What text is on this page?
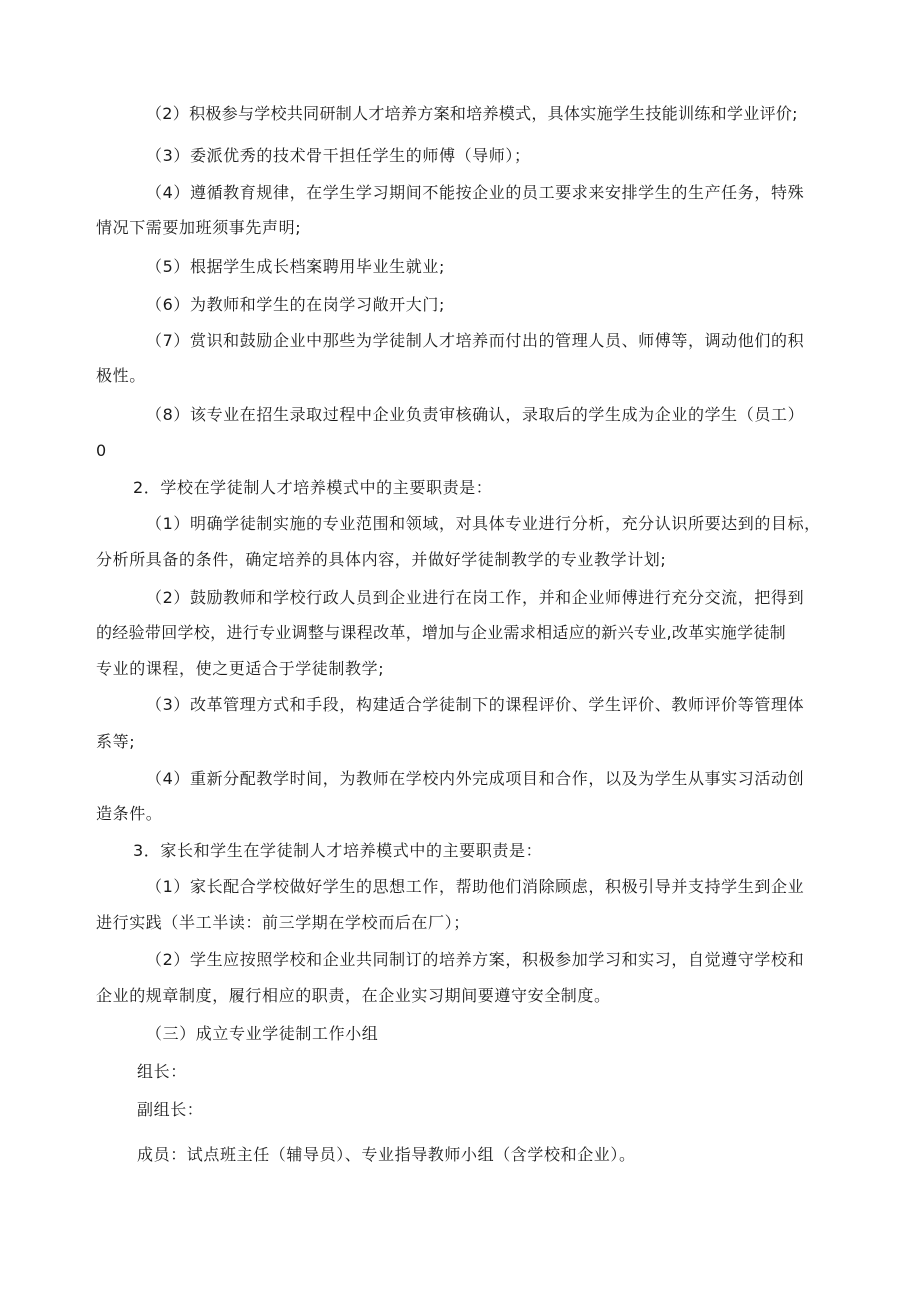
（2）积极参与学校共同研制人才培养方案和培养模式，具体实施学生技能训练和学业评价;
（3）委派优秀的技术骨干担任学生的师傅（导师）；
（4）遵循教育规律，在学生学习期间不能按企业的员工要求来安排学生的生产任务，特殊
情况下需要加班须事先声明;
（5）根据学生成长档案聘用毕业生就业;
（6）为教师和学生的在岗学习敞开大门;
（7）赏识和鼓励企业中那些为学徒制人才培养而付出的管理人员、师傅等，调动他们的积
极性。
（8）该专业在招生录取过程中企业负责审核确认，录取后的学生成为企业的学生（员工）
0
2．学校在学徒制人才培养模式中的主要职责是：
（1）明确学徒制实施的专业范围和领域，对具体专业进行分析，充分认识所要达到的目标，
分析所具备的条件，确定培养的具体内容，并做好学徒制教学的专业教学计划;
（2）鼓励教师和学校行政人员到企业进行在岗工作，并和企业师傅进行充分交流，把得到
的经验带回学校，进行专业调整与课程改革，增加与企业需求相适应的新兴专业,改革实施学徒制
专业的课程，使之更适合于学徒制教学;
（3）改革管理方式和手段，构建适合学徒制下的课程评价、学生评价、教师评价等管理体
系等;
（4）重新分配教学时间，为教师在学校内外完成项目和合作，以及为学生从事实习活动创
造条件。
3．家长和学生在学徒制人才培养模式中的主要职责是：
（1）家长配合学校做好学生的思想工作，帮助他们消除顾虑，积极引导并支持学生到企业
进行实践（半工半读：前三学期在学校而后在厂）；
（2）学生应按照学校和企业共同制订的培养方案，积极参加学习和实习，自觉遵守学校和
企业的规章制度，履行相应的职责，在企业实习期间要遵守安全制度。
（三）成立专业学徒制工作小组
组长：
副组长：
成员：试点班主任（辅导员）、专业指导教师小组（含学校和企业）。
